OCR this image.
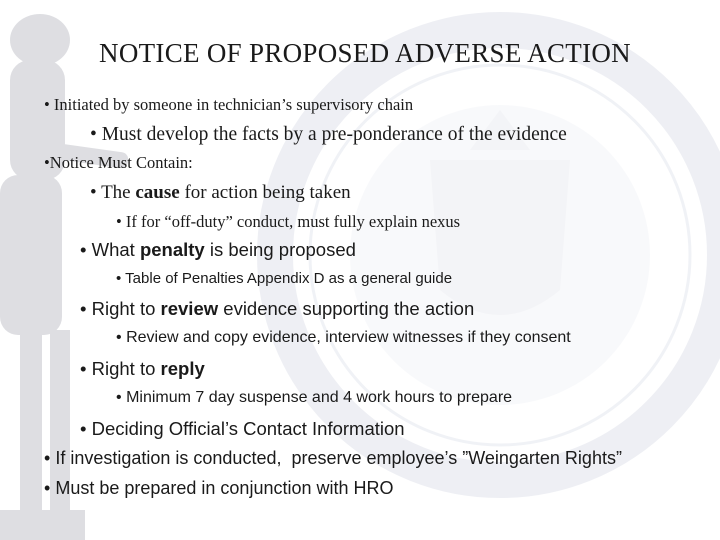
NOTICE OF PROPOSED ADVERSE ACTION
• Initiated by someone in technician’s supervisory chain
• Must develop the facts by a pre-ponderance of the evidence
•Notice Must Contain:
• The cause for action being taken
• If for “off-duty” conduct, must fully explain nexus
• What penalty is being proposed
• Table of Penalties Appendix D as a general guide
• Right to review evidence supporting the action
• Review and copy evidence, interview witnesses if they consent
• Right to reply
• Minimum 7 day suspense and 4 work hours to prepare
• Deciding Official’s Contact Information
• If investigation is conducted,  preserve employee’s ”Weingarten Rights”
• Must be prepared in conjunction with HRO
